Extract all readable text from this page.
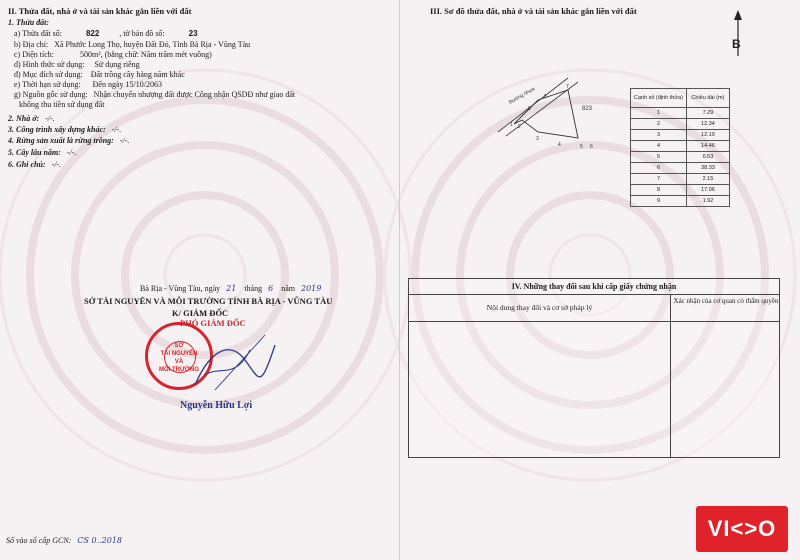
II. Thửa đất, nhà ở và tài sản khác gắn liền với đất
1. Thửa đất:
a) Thửa đất số:	822	, tờ bản đồ số:	23
b) Địa chỉ: Xã Phước Long Thọ, huyện Đất Đỏ, Tỉnh Bà Rịa - Vũng Tàu
c) Diện tích:	500m², (bằng chữ: Năm trăm mét vuông)
d) Hình thức sử dụng: Sử dụng riêng
đ) Mục đích sử dụng: Đất trồng cây hàng năm khác
e) Thời hạn sử dụng: Đến ngày 15/10/2063
g) Nguồn gốc sử dụng: Nhận chuyển nhượng đất được Công nhận QSDĐ như giao đất
không thu tiền sử dụng đất
2. Nhà ở: -/-.
3. Công trình xây dựng khác: -/-.
4. Rừng sản xuất là rừng trồng: -/-.
5. Cây lâu năm: -/-.
6. Ghi chú: -/-.
Bà Rịa - Vũng Tàu, ngày 21 tháng 6 năm 2019
SỞ TÀI NGUYÊN VÀ MÔI TRƯỜNG TỈNH BÀ RỊA - VŨNG TÀU
K/ GIÁM ĐỐC
PHÓ GIÁM ĐỐC
SỞ
TÀI NGUYÊN
VÀ
MÔI TRƯỜNG
Nguyễn Hữu Lợi
Số vào sổ cấp GCN: CS 0..2018
III. Sơ đồ thửa đất, nhà ở và tài sản khác gắn liền với đất
B
Đường nhựa
823
1 2
3
4	5 6
7
8
9
Cạnh số (định thửa)	Chiều dài (m)
1	7.29
2	12.34
3	12.19
4	14.46
5	0.53
6	38.33
7	2.15
8	17.06
9	1.92
IV. Những thay đổi sau khi cấp giấy chứng nhận
Nội dung thay đổi và cơ sở pháp lý
Xác nhận của cơ quan có thẩm quyền
VI<>O
